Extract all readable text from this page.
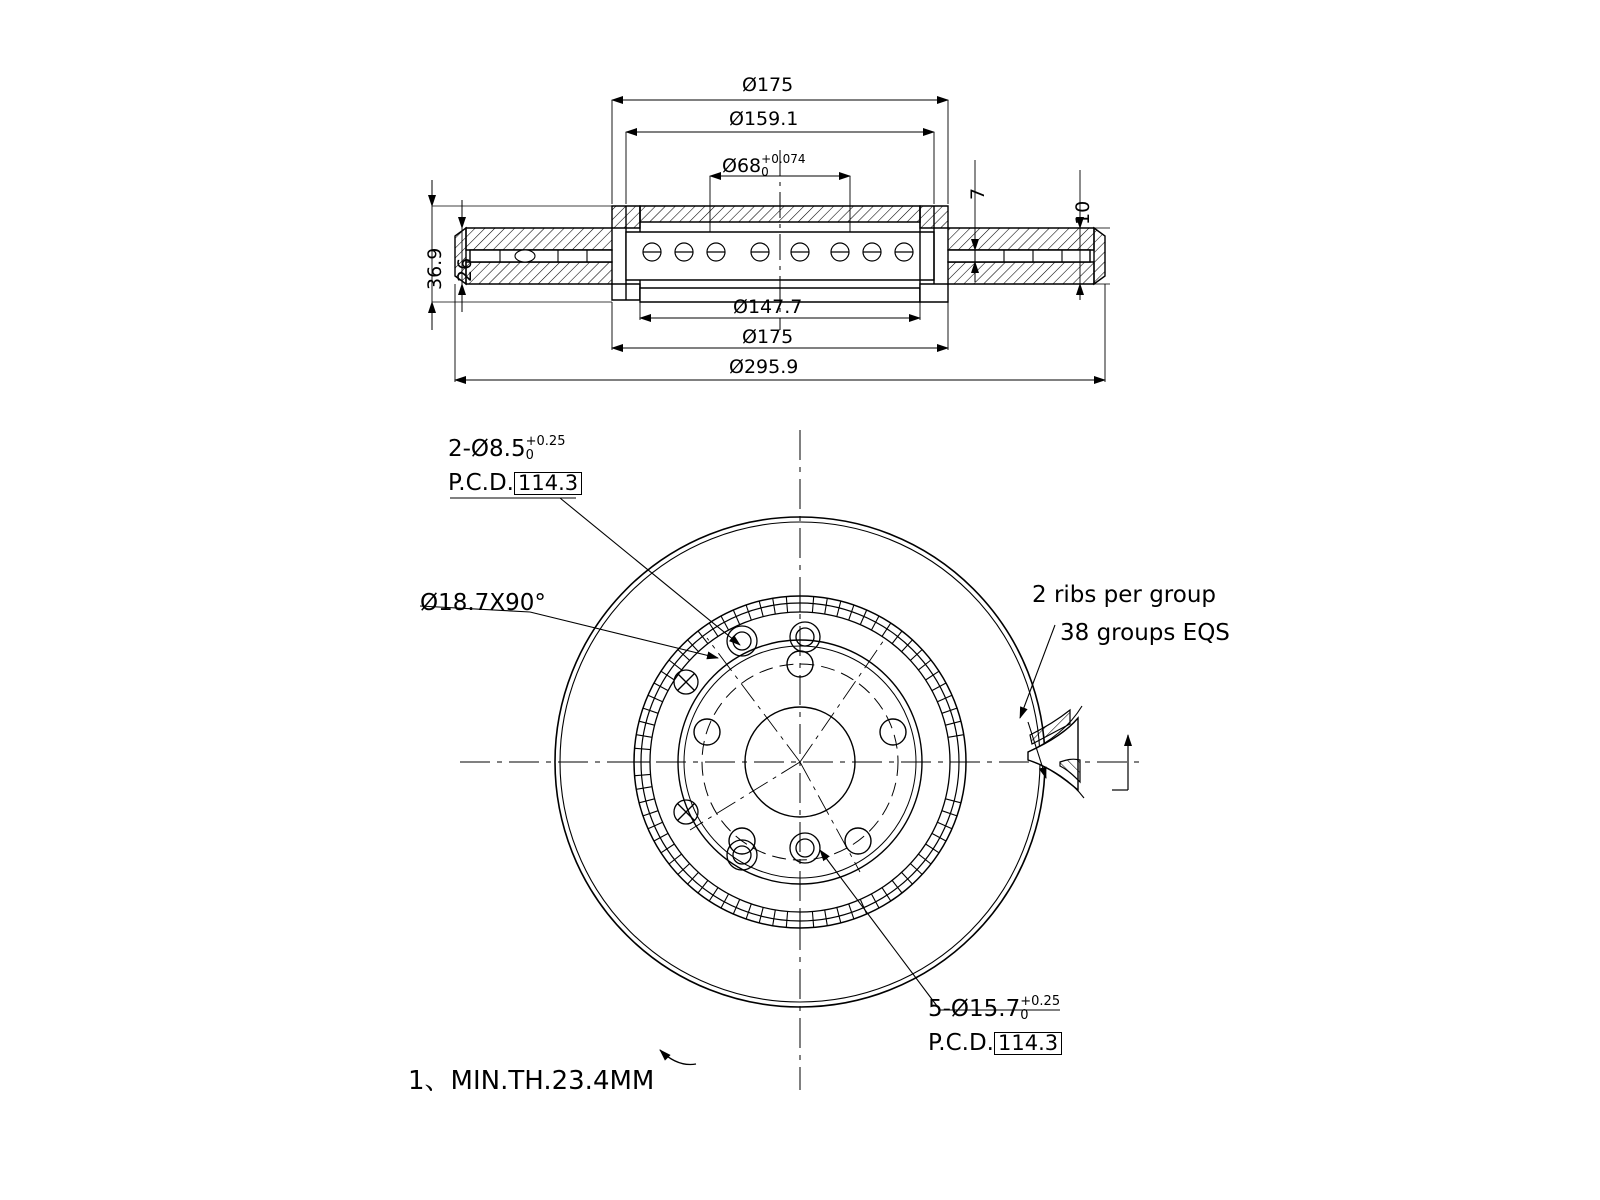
Ø175
Ø159.1
Ø68 +0.074
0
36.9 26
7
10
Ø147.7
Ø175
Ø295.9
2-Ø8.5 +0.25
0
P.C.D. 114.3
Ø18.7X90°	2 ribs per group
38 groups EQS
5-Ø15.7 +0.25
0
P.C.D. 114.3
1、MIN.TH.23.4MM
